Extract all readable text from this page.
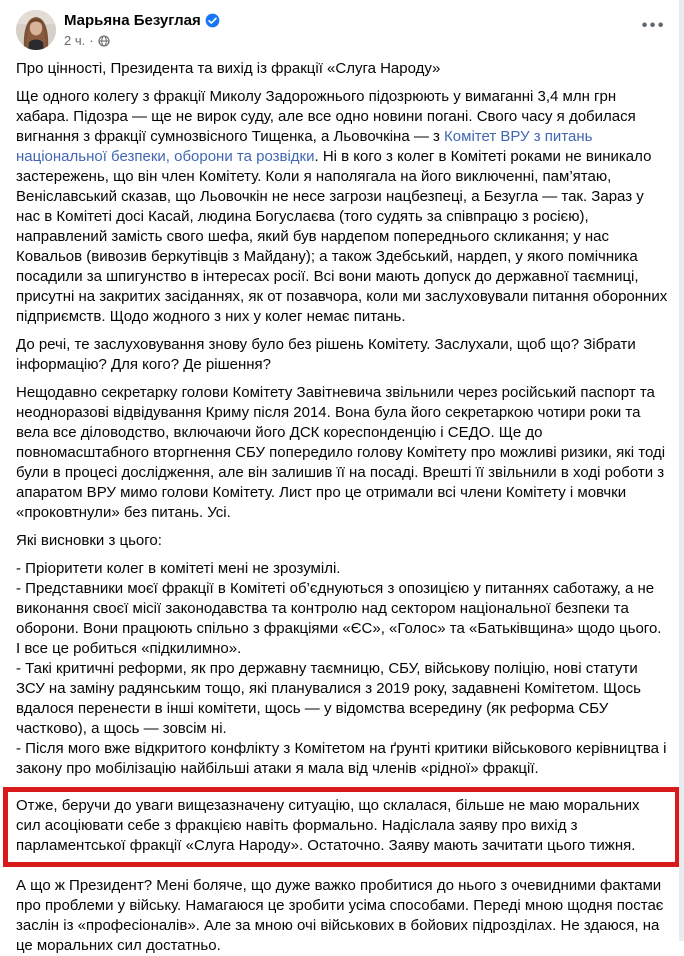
Марьяна Безуглая
2 ч. ·
•••

Про цінності, Президента та вихід із фракції «Слуга Народу»

Ще одного колегу з фракції Миколу Задорожнього підозрюють у вимаганні 3,4 млн грн хабара. Підозра — ще не вирок суду, але все одно новини погані. Свого часу я добилася вигнання з фракції сумнозвісного Тищенка, а Льовочкіна — з Комітет ВРУ з питань національної безпеки, оборони та розвідки. Ні в кого з колег в Комітеті роками не виникало застережень, що він член Комітету. Коли я наполягала на його виключенні, пам’ятаю, Веніславський сказав, що Льовочкін не несе загрози нацбезпеці, а Безугла — так. Зараз у нас в Комітеті досі Касай, людина Богуслаєва (того судять за співпрацю з росією), направлений замість свого шефа, який був нардепом попереднього скликання; у нас Ковальов (вивозив беркутівців з Майдану); а також Здебський, нардеп, у якого помічника посадили за шпигунство в інтересах росії. Всі вони мають допуск до державної таємниці, присутні на закритих засіданнях, як от позавчора, коли ми заслуховували питання оборонних підприємств. Щодо жодного з них у колег немає питань.

До речі, те заслуховування знову було без рішень Комітету. Заслухали, щоб що? Зібрати інформацію? Для кого? Де рішення?

Нещодавно секретарку голови Комітету Завітневича звільнили через російський паспорт та неодноразові відвідування Криму після 2014. Вона була його секретаркою чотири роки та вела все діловодство, включаючи його ДСК кореспонденцію і СЕДО. Ще до повномасштабного вторгнення СБУ попередило голову Комітету про можливі ризики, які тоді були в процесі дослідження, але він залишив її на посаді. Врешті її звільнили в ході роботи з апаратом ВРУ мимо голови Комітету. Лист про це отримали всі члени Комітету і мовчки «проковтнули» без питань. Усі.

Які висновки з цього:

- Пріоритети колег в комітеті мені не зрозумілі.
- Представники моєї фракції в Комітеті об’єднуються з опозицією у питаннях саботажу, а не виконання своєї місії законодавства та контролю над сектором національної безпеки та оборони. Вони працюють спільно з фракціями «ЄС», «Голос» та «Батьківщина» щодо цього. І все це робиться «підкилимно».
- Такі критичні реформи, як про державну таємницю, СБУ, військову поліцію, нові статути ЗСУ на заміну радянським тощо, які планувалися з 2019 року, задавнені Комітетом. Щось вдалося перенести в інші комітети, щось — у відомства всередину (як реформа СБУ частково), а щось — зовсім ні.
- Після мого вже відкритого конфлікту з Комітетом на ґрунті критики військового керівництва і закону про мобілізацію найбільші атаки я мала від членів «рідної» фракції.

Отже, беручи до уваги вищезазначену ситуацію, що склалася, більше не маю моральних сил асоціювати себе з фракцією навіть формально. Надіслала заяву про вихід з парламентської фракції «Слуга Народу». Остаточно. Заяву мають зачитати цього тижня.

А що ж Президент? Мені боляче, що дуже важко пробитися до нього з очевидними фактами про проблеми у війську. Намагаюся це зробити усіма способами. Переді мною щодня постає заслін із «професіоналів». Але за мною очі військових в бойових підрозділах. Не здаюся, на це моральних сил достатньо.
